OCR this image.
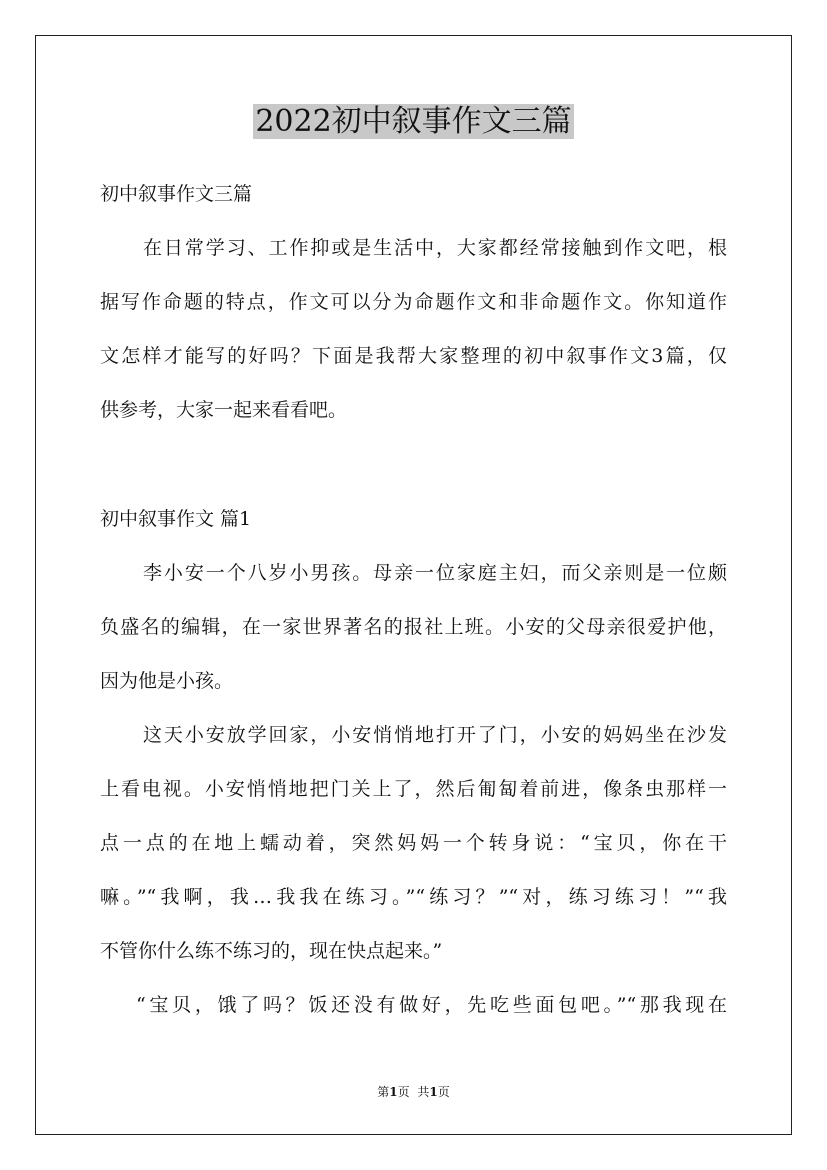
2022初中叙事作文三篇
初中叙事作文三篇
在日常学习、工作抑或是生活中，大家都经常接触到作文吧，根
据写作命题的特点，作文可以分为命题作文和非命题作文。你知道作
文怎样才能写的好吗？下面是我帮大家整理的初中叙事作文3篇，仅
供参考，大家一起来看看吧。
初中叙事作文 篇1
李小安一个八岁小男孩。母亲一位家庭主妇，而父亲则是一位颇
负盛名的编辑，在一家世界著名的报社上班。小安的父母亲很爱护他，
因为他是小孩。
这天小安放学回家，小安悄悄地打开了门，小安的妈妈坐在沙发
上看电视。小安悄悄地把门关上了，然后匍匐着前进，像条虫那样一
点一点的在地上蠕动着，突然妈妈一个转身说：“宝贝，你在干
嘛。”“我啊，我…我我在练习。”“练习？”“对，练习练习！”“我
不管你什么练不练习的，现在快点起来。”
“宝贝，饿了吗？饭还没有做好，先吃些面包吧。”“那我现在
第1页 共1页
